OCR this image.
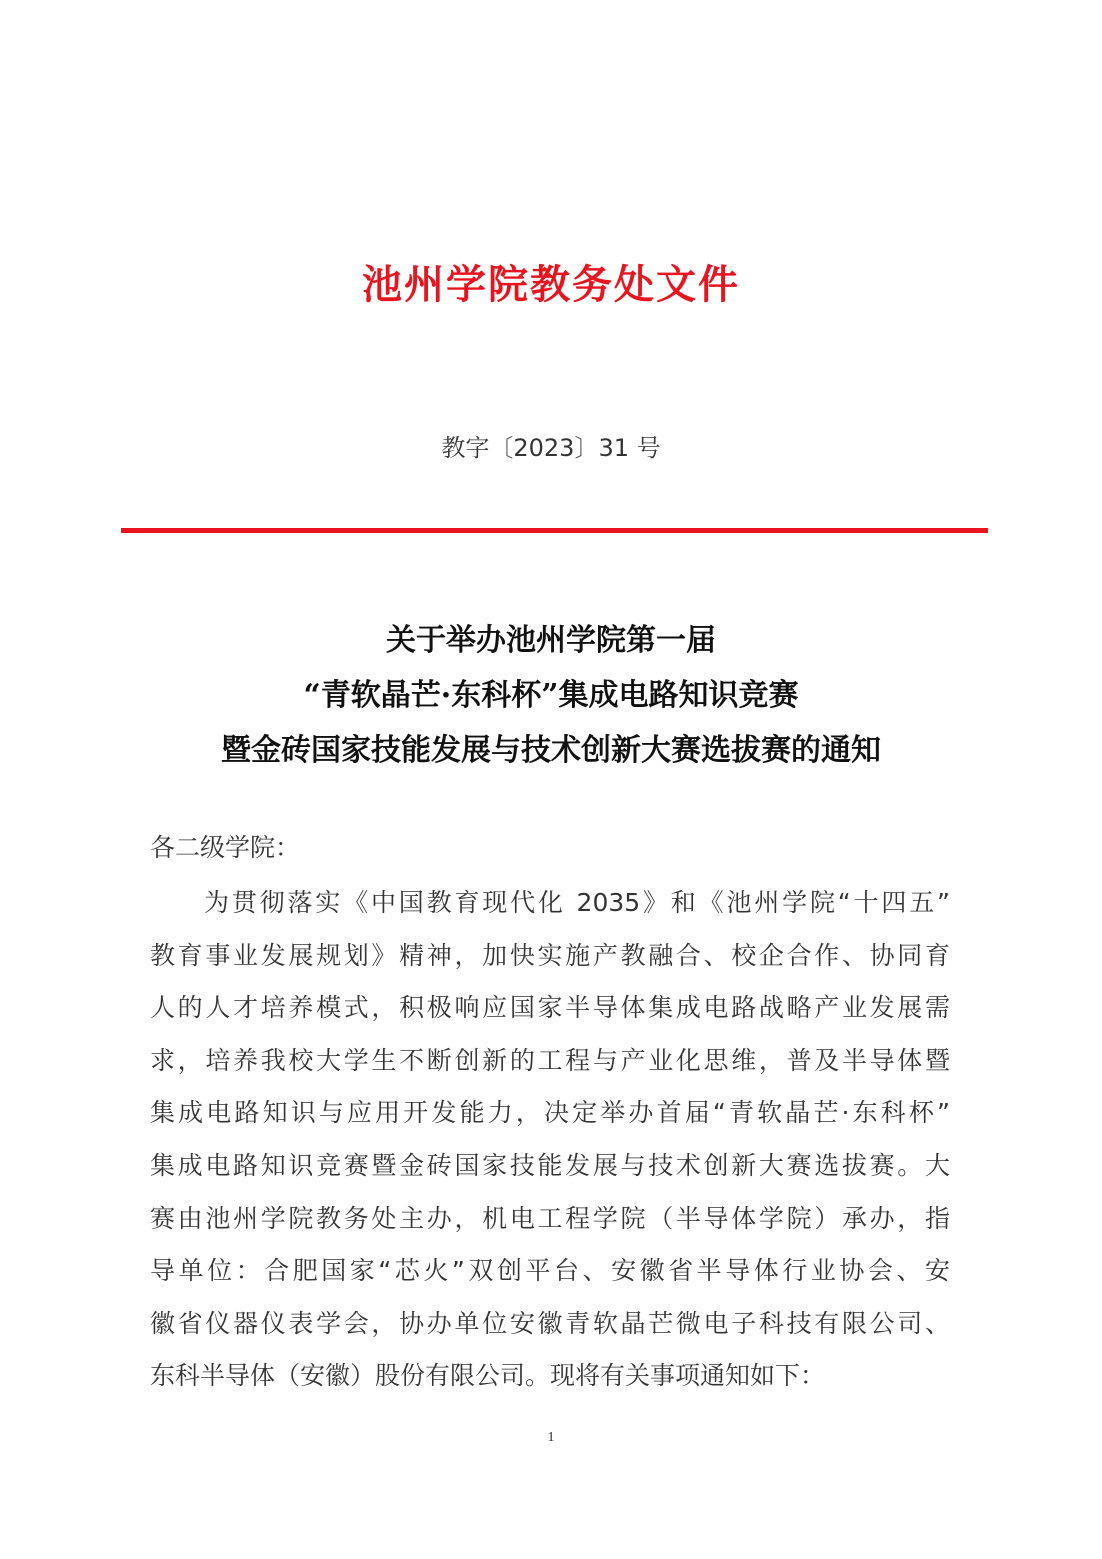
池州学院教务处文件
教字〔2023〕31 号
关于举办池州学院第一届
“青软晶芒·东科杯”集成电路知识竞赛
暨金砖国家技能发展与技术创新大赛选拔赛的通知
各二级学院：
为贯彻落实《中国教育现代化 2035》和《池州学院“十四五”
教育事业发展规划》精神，加快实施产教融合、校企合作、协同育
人的人才培养模式，积极响应国家半导体集成电路战略产业发展需
求，培养我校大学生不断创新的工程与产业化思维，普及半导体暨
集成电路知识与应用开发能力，决定举办首届“青软晶芒·东科杯”
集成电路知识竞赛暨金砖国家技能发展与技术创新大赛选拔赛。大
赛由池州学院教务处主办，机电工程学院（半导体学院）承办，指
导单位：合肥国家“芯火”双创平台、安徽省半导体行业协会、安
徽省仪器仪表学会，协办单位安徽青软晶芒微电子科技有限公司、
东科半导体（安徽）股份有限公司。现将有关事项通知如下：
1
